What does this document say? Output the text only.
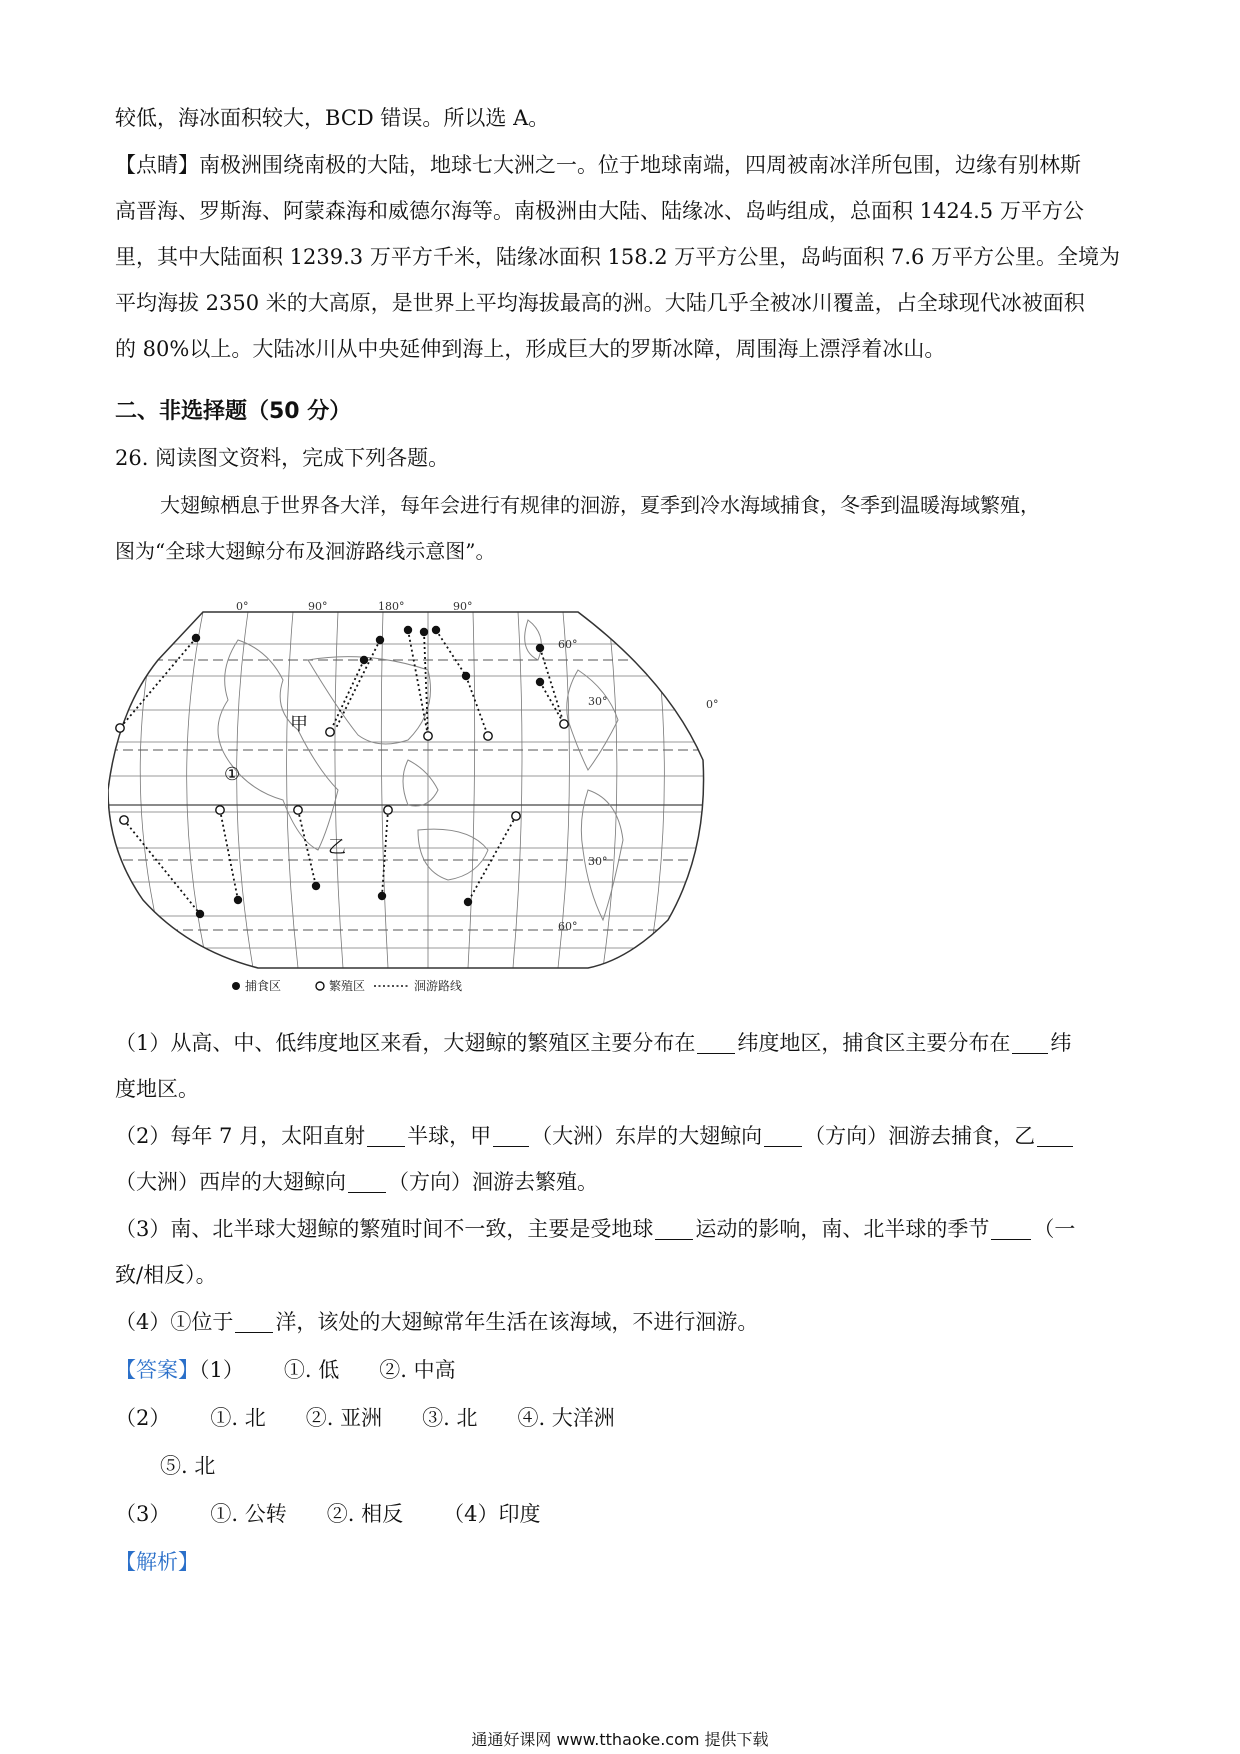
较低，海冰面积较大，BCD 错误。所以选 A。
【点睛】南极洲围绕南极的大陆，地球七大洲之一。位于地球南端，四周被南冰洋所包围，边缘有别林斯
高晋海、罗斯海、阿蒙森海和威德尔海等。南极洲由大陆、陆缘冰、岛屿组成，总面积 1424.5 万平方公
里，其中大陆面积 1239.3 万平方千米，陆缘冰面积 158.2 万平方公里，岛屿面积 7.6 万平方公里。全境为
平均海拔 2350 米的大高原，是世界上平均海拔最高的洲。大陆几乎全被冰川覆盖，占全球现代冰被面积
的 80%以上。大陆冰川从中央延伸到海上，形成巨大的罗斯冰障，周围海上漂浮着冰山。
二、非选择题（50 分）
26. 阅读图文资料，完成下列各题。
大翅鲸栖息于世界各大洋，每年会进行有规律的洄游，夏季到冷水海域捕食，冬季到温暖海域繁殖，
图为“全球大翅鲸分布及洄游路线示意图”。
0°	90°	180°	90°
60°
30°	0°
30°
60°
甲
乙
①
捕食区	繁殖区	洄游路线
（1）从高、中、低纬度地区来看，大翅鲸的繁殖区主要分布在 纬度地区，捕食区主要分布在 纬
度地区。
（2）每年 7 月，太阳直射 半球，甲 （大洲）东岸的大翅鲸向 （方向）洄游去捕食，乙
（大洲）西岸的大翅鲸向 （方向）洄游去繁殖。
（3）南、北半球大翅鲸的繁殖时间不一致，主要是受地球 运动的影响，南、北半球的季节 （一
致/相反）。
（4）①位于 洋，该处的大翅鲸常年生活在该海域，不进行洄游。
【答案】（1） ①. 低 ②. 中高
（2） ①. 北 ②. 亚洲 ③. 北 ④. 大洋洲
⑤. 北
（3） ①. 公转 ②. 相反 （4）印度
【解析】
通通好课网 www.tthaoke.com 提供下载
